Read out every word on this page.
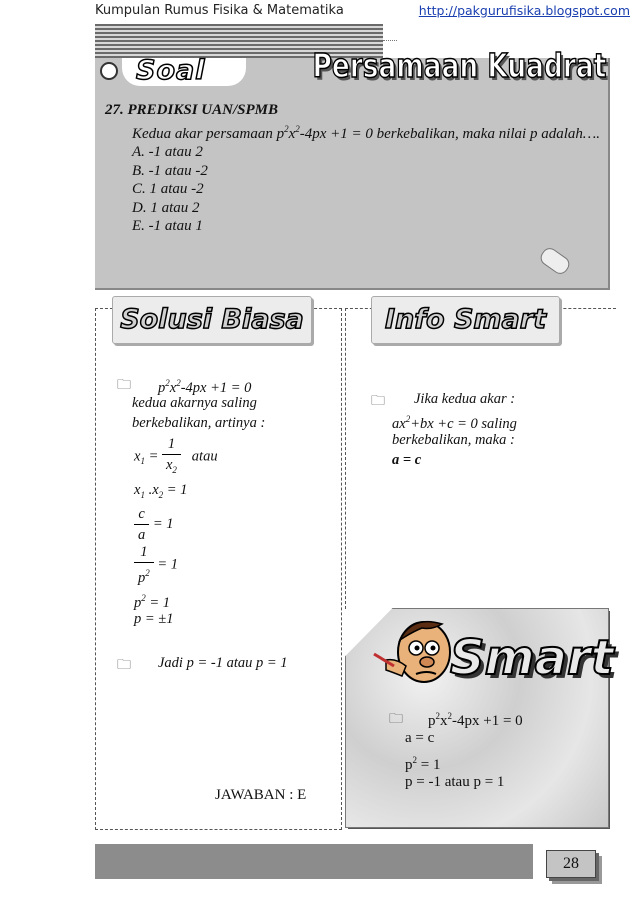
Kumpulan Rumus Fisika & Matematika	http://pakgurufisika.blogspot.com
Soal	Persamaan Kuadrat
27. PREDIKSI UAN/SPMB
Kedua akar persamaan $p^2x^2-4px +1 = 0$ berkebalikan, maka nilai p adalah….
A. -1 atau 2
B. -1 atau -2
C. 1 atau -2
D. 1 atau 2
E. -1 atau 1
Solusi Biasa	Info Smart
🗀 $p^2x^2-4px +1 = 0$
kedua akarnya saling
berkebalikan, artinya :
$x_1 = \frac{1}{x_2}$ atau
$x_1$ $.x_2 = 1$
$\frac{c}{a} = 1$
$\frac{1}{p^2} = 1$
$p^2 = 1$
p = ±1
🗀 Jadi p = -1 atau p = 1
JAWABAN : E
🗀 Jika kedua akar :
$ax^2+bx +c = 0$ saling
berkebalikan, maka :
a = c
Smart
🗀 $p^2x^2-4px +1 = 0$
a = c
$p^2 = 1$
p = -1 atau p = 1
28
